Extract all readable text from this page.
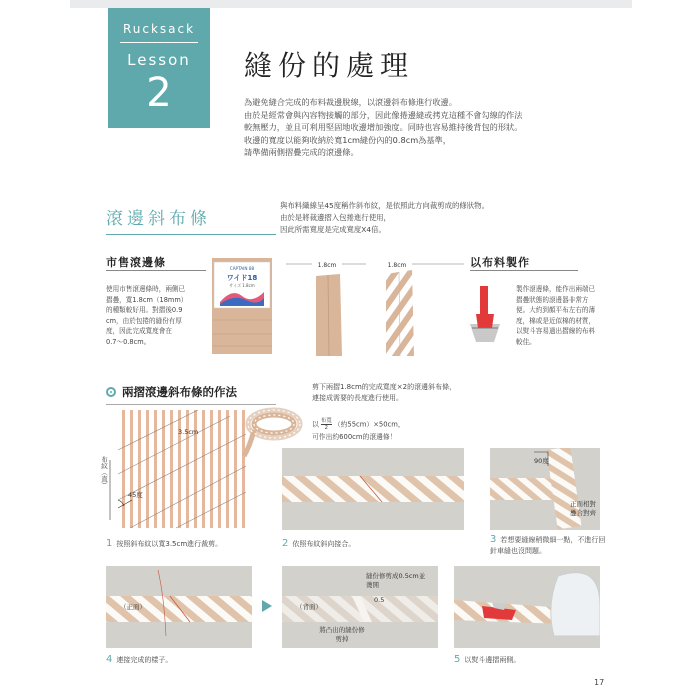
Rucksack
Lesson
2
縫份的處理
為避免縫合完成的布料裁邊脫線，以滾邊斜布條進行收邊。
由於是經常會與內容物接觸的部分，因此像捲邊縫或拷克這種不會勾線的作法
較無壓力，並且可利用堅固地收邊增加強度。同時也容易維持後背包的形狀。
收邊的寬度以能夠收納於寬1cm縫份內的0.8cm為基準，
請準備兩側摺疊完成的滾邊條。
滾邊斜布條
與布料織線呈45度稱作斜布紋，是依照此方向裁剪成的條狀物。
由於是將裁邊摺入包捲進行使用，
因此所需寬度是完成寬度X4倍。
市售滾邊條
使用市售滾邊條時，兩側已
摺疊，寬1.8cm（18mm）
的種類較好用。對摺後0.9
cm，由於包捲的縫份有厚
度，因此完成寬度會在
0.7～0.8cm。
CAPTAIN 88
ワイド18
サイズ 1.8cm
1.8cm	1.8cm	以布料製作
製作滾邊條，能作出兩端已
摺疊狀態的滾邊器非常方
便。大約到顏平布左右的薄
度，棉或是近似棉的材質，
以熨斗容易過出摺線的布料
較佳。
兩摺滾邊斜布條的作法	剪下兩摺1.8cm的完成寬度×2的滾邊斜布條，
連接成需要的長度進行使用。
以 布寬
2 （約55cm）×50cm，
可作出約600cm的滾邊條！
3.5cm
布紋（直）
45度
1 按照斜布紋以寬3.5cm進行裁剪。	2 依照布紋斜向接合。
90度
正面相對疊合對齊
3 若想要縫線稍微細一點，不進行回針車縫也沒問題。
（正面）
4 連接完成的樣子。
（背面）
縫份修剪成0.5cm並燙開
0.5
將凸出的縫份修剪掉
5 以熨斗邊摺兩側。
17
